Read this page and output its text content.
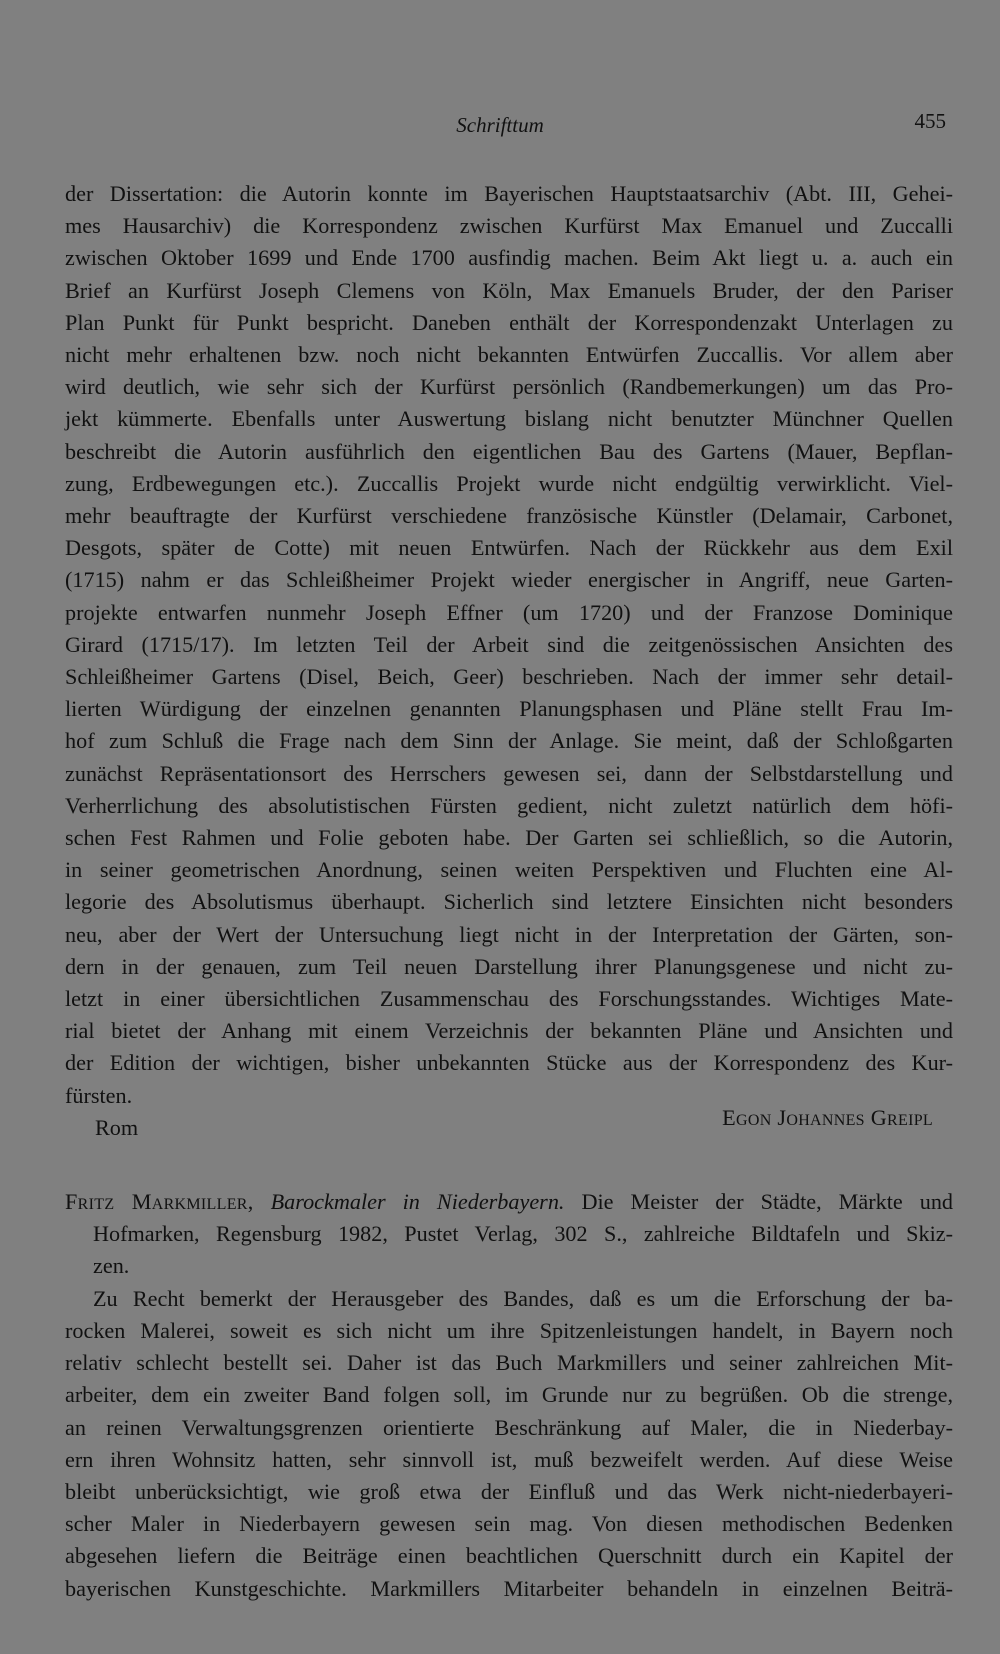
Schrifttum	455
der Dissertation: die Autorin konnte im Bayerischen Hauptstaatsarchiv (Abt. III, Gehei-
mes Hausarchiv) die Korrespondenz zwischen Kurfürst Max Emanuel und Zuccalli
zwischen Oktober 1699 und Ende 1700 ausfindig machen. Beim Akt liegt u. a. auch ein
Brief an Kurfürst Joseph Clemens von Köln, Max Emanuels Bruder, der den Pariser
Plan Punkt für Punkt bespricht. Daneben enthält der Korrespondenzakt Unterlagen zu
nicht mehr erhaltenen bzw. noch nicht bekannten Entwürfen Zuccallis. Vor allem aber
wird deutlich, wie sehr sich der Kurfürst persönlich (Randbemerkungen) um das Pro-
jekt kümmerte. Ebenfalls unter Auswertung bislang nicht benutzter Münchner Quellen
beschreibt die Autorin ausführlich den eigentlichen Bau des Gartens (Mauer, Bepflan-
zung, Erdbewegungen etc.). Zuccallis Projekt wurde nicht endgültig verwirklicht. Viel-
mehr beauftragte der Kurfürst verschiedene französische Künstler (Delamair, Carbonet,
Desgots, später de Cotte) mit neuen Entwürfen. Nach der Rückkehr aus dem Exil
(1715) nahm er das Schleißheimer Projekt wieder energischer in Angriff, neue Garten-
projekte entwarfen nunmehr Joseph Effner (um 1720) und der Franzose Dominique
Girard (1715/17). Im letzten Teil der Arbeit sind die zeitgenössischen Ansichten des
Schleißheimer Gartens (Disel, Beich, Geer) beschrieben. Nach der immer sehr detail-
lierten Würdigung der einzelnen genannten Planungsphasen und Pläne stellt Frau Im-
hof zum Schluß die Frage nach dem Sinn der Anlage. Sie meint, daß der Schloßgarten
zunächst Repräsentationsort des Herrschers gewesen sei, dann der Selbstdarstellung und
Verherrlichung des absolutistischen Fürsten gedient, nicht zuletzt natürlich dem höfi-
schen Fest Rahmen und Folie geboten habe. Der Garten sei schließlich, so die Autorin,
in seiner geometrischen Anordnung, seinen weiten Perspektiven und Fluchten eine Al-
legorie des Absolutismus überhaupt. Sicherlich sind letztere Einsichten nicht besonders
neu, aber der Wert der Untersuchung liegt nicht in der Interpretation der Gärten, son-
dern in der genauen, zum Teil neuen Darstellung ihrer Planungsgenese und nicht zu-
letzt in einer übersichtlichen Zusammenschau des Forschungsstandes. Wichtiges Mate-
rial bietet der Anhang mit einem Verzeichnis der bekannten Pläne und Ansichten und
der Edition der wichtigen, bisher unbekannten Stücke aus der Korrespondenz des Kur-
fürsten.
Rom	Egon Johannes Greipl
Fritz Markmiller, Barockmaler in Niederbayern. Die Meister der Städte, Märkte und
Hofmarken, Regensburg 1982, Pustet Verlag, 302 S., zahlreiche Bildtafeln und Skiz-
zen.
Zu Recht bemerkt der Herausgeber des Bandes, daß es um die Erforschung der ba-
rocken Malerei, soweit es sich nicht um ihre Spitzenleistungen handelt, in Bayern noch
relativ schlecht bestellt sei. Daher ist das Buch Markmillers und seiner zahlreichen Mit-
arbeiter, dem ein zweiter Band folgen soll, im Grunde nur zu begrüßen. Ob die strenge,
an reinen Verwaltungsgrenzen orientierte Beschränkung auf Maler, die in Niederbay-
ern ihren Wohnsitz hatten, sehr sinnvoll ist, muß bezweifelt werden. Auf diese Weise
bleibt unberücksichtigt, wie groß etwa der Einfluß und das Werk nicht-niederbayeri-
scher Maler in Niederbayern gewesen sein mag. Von diesen methodischen Bedenken
abgesehen liefern die Beiträge einen beachtlichen Querschnitt durch ein Kapitel der
bayerischen Kunstgeschichte. Markmillers Mitarbeiter behandeln in einzelnen Beiträ-
